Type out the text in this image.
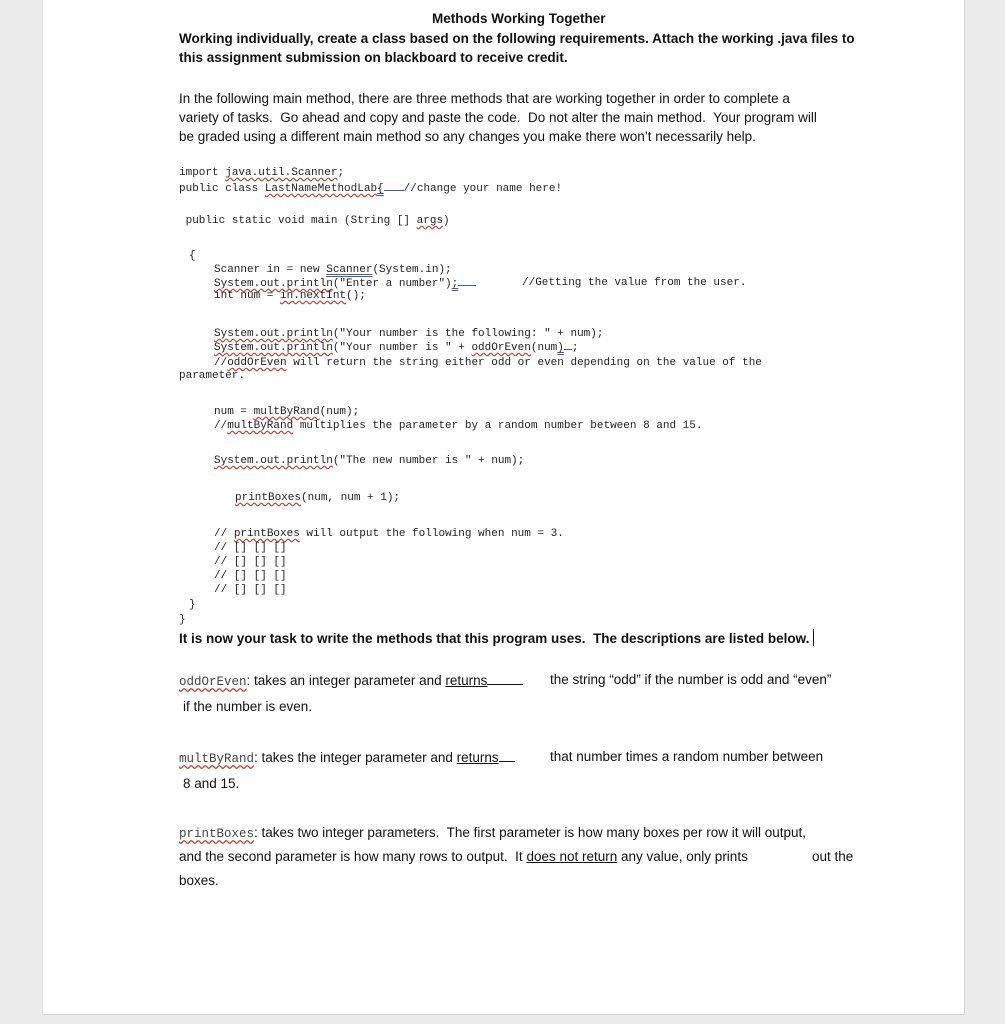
Methods Working Together
Working individually, create a class based on the following requirements. Attach the working .java files to
this assignment submission on blackboard to receive credit.
In the following main method, there are three methods that are working together in order to complete a
variety of tasks.  Go ahead and copy and paste the code.  Do not alter the main method.  Your program will
be graded using a different main method so any changes you make there won’t necessarily help.
import java.util.Scanner;
public class LastNameMethodLab{ //change your name here!
public static void main (String [] args)
{
Scanner in = new Scanner(System.in);
System.out.println("Enter a number");	//Getting the value from the user.
int num = in.nextInt();
System.out.println("Your number is the following: " + num);
System.out.println("Your number is " + oddOrEven(num) ;
//oddOrEven will return the string either odd or even depending on the value of the
parameter.
num = multByRand(num);
//multByRand multiplies the parameter by a random number between 8 and 15.
System.out.println("The new number is " + num);
printBoxes(num, num + 1);
// printBoxes will output the following when num = 3.
// [] [] []
// [] [] []
// [] [] []
// [] [] []
}
}
It is now your task to write the methods that this program uses.  The descriptions are listed below.
oddOrEven: takes an integer parameter and returns	the string “odd” if the number is odd and “even”
if the number is even.
multByRand: takes the integer parameter and returns	that number times a random number between
8 and 15.
printBoxes: takes two integer parameters.  The first parameter is how many boxes per row it will output,
and the second parameter is how many rows to output.  It does not return any value, only prints	out the
boxes.
